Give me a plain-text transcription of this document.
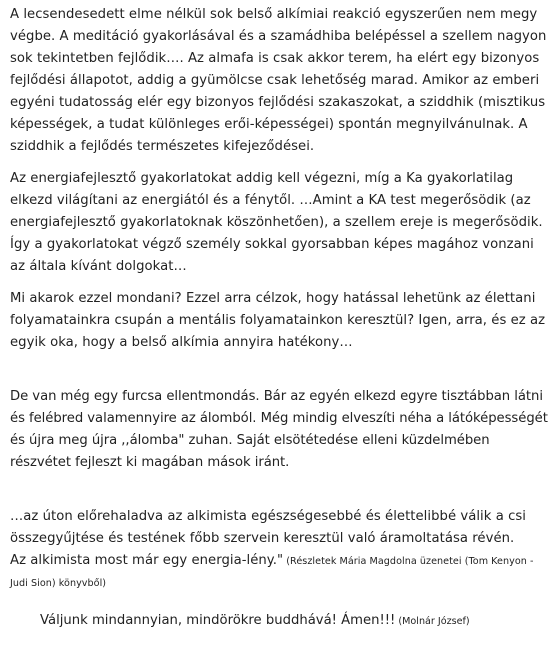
A lecsendesedett elme nélkül sok belső alkímiai reakció egyszerűen nem megy végbe. A meditáció gyakorlásával és a szamádhiba belépéssel a szellem nagyon sok tekintetben fejlődik…. Az almafa is csak akkor terem, ha elért egy bizonyos fejlődési állapotot, addig a gyümölcse csak lehetőség marad. Amikor az emberi egyéni tudatosság elér egy bizonyos fejlődési szakaszokat, a sziddhik (misztikus képességek, a tudat különleges erői-képességei) spontán megnyilvánulnak. A sziddhik a fejlődés természetes kifejeződései.

Az energiafejlesztő gyakorlatokat addig kell végezni, míg a Ka gyakorlatilag elkezd világítani az energiától és a fénytől. …Amint a KA test megerősödik (az energiafejlesztő gyakorlatoknak köszönhetően), a szellem ereje is megerősödik. Így a gyakorlatokat végző személy sokkal gyorsabban képes magához vonzani az általa kívánt dolgokat…

Mi akarok ezzel mondani? Ezzel arra célzok, hogy hatással lehetünk az élettani folyamatainkra csupán a mentális folyamatainkon keresztül? Igen, arra, és ez az egyik oka, hogy a belső alkímia annyira hatékony…

De van még egy furcsa ellentmondás. Bár az egyén elkezd egyre tisztábban látni és felébred valamennyire az álomból. Még mindig elveszíti néha a látóképességét és újra meg újra ,,álomba" zuhan. Saját elsötétedése elleni küzdelmében részvétet fejleszt ki magában mások iránt.

…az úton előrehaladva az alkimista egészségesebbé és élettelibbé válik a csi
összegyűjtése és testének főbb szervein keresztül való áramoltatása révén.
Az alkimista most már egy energia-lény." (Részletek Mária Magdolna üzenetei (Tom Kenyon - Judi Sion) könyvből)

Váljunk mindannyian, mindörökre buddhává! Ámen!!! (Molnár József)
